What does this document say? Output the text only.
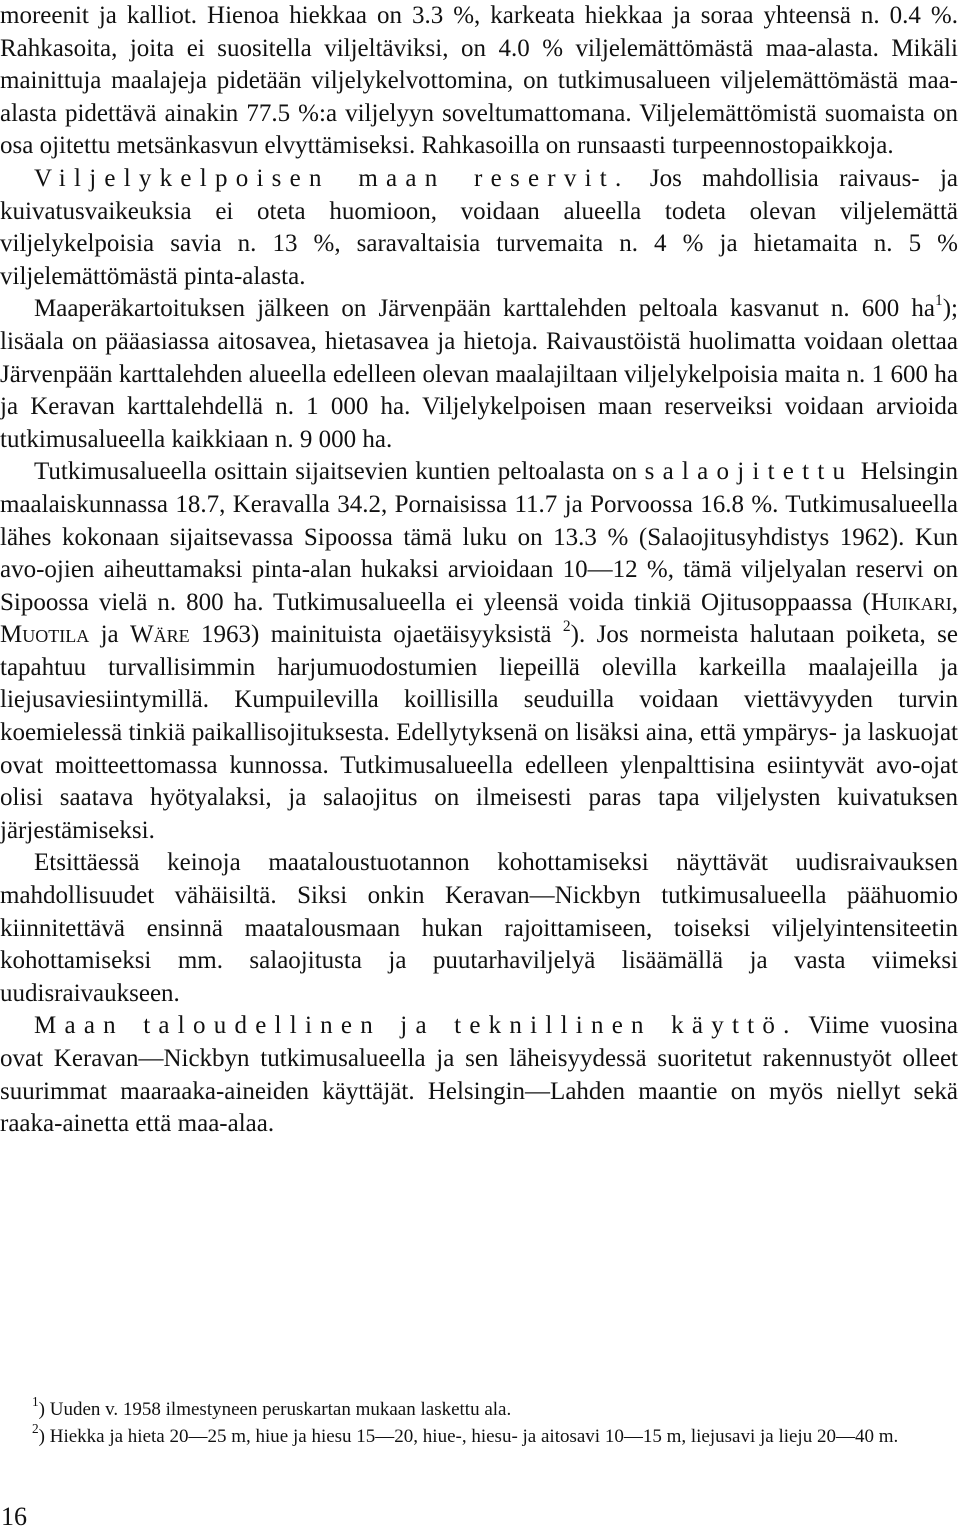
moreenit ja kalliot. Hienoa hiekkaa on 3.3 %, karkeata hiekkaa ja soraa yhteensä n. 0.4 %. Rahkasoita, joita ei suositella viljeltäviksi, on 4.0 % viljelemättömästä maa-alasta. Mikäli mainittuja maalajeja pidetään viljelykelvottomina, on tutkimusalueen viljelemättömästä maa-alasta pidettävä ainakin 77.5 %:a viljelyyn soveltumattomana. Viljelemättömistä suomaista on osa ojitettu metsänkasvun elvyttämiseksi. Rahkasoilla on runsaasti turpeennostopaikkoja.

Viljelykelpoisen maan reservit. Jos mahdollisia raivaus- ja kuivatusvaikeuksia ei oteta huomioon, voidaan alueella todeta olevan viljelemättä viljelykelpoisia savia n. 13 %, saravaltaisia turvemaita n. 4 % ja hietamaita n. 5 % viljelemättömästä pinta-alasta.

Maaperäkartoituksen jälkeen on Järvenpään karttalehden peltoala kasvanut n. 600 $ha^1$); lisäala on pääasiassa aitosavea, hietasavea ja hietoja. Raivaustöistä huolimatta voidaan olettaa Järvenpään karttalehden alueella edelleen olevan maalajiltaan viljelykelpoisia maita n. 1 600 ha ja Keravan karttalehdellä n. 1 000 ha. Viljelykelpoisen maan reserveiksi voidaan arvioida tutkimusalueella kaikkiaan n. 9 000 ha.

Tutkimusalueella osittain sijaitsevien kuntien peltoalasta on salaojitettu Helsingin maalaiskunnassa 18.7, Keravalla 34.2, Pornaisissa 11.7 ja Porvoossa 16.8 %. Tutkimusalueella lähes kokonaan sijaitsevassa Sipoossa tämä luku on 13.3 % (Salaojitusyhdistys 1962). Kun avo-ojien aiheuttamaksi pinta-alan hukaksi arvioidaan 10—12 %, tämä viljelyalan reservi on Sipoossa vielä n. 800 ha. Tutkimusalueella ei yleensä voida tinkiä Ojitusoppaassa (Huikari, Muotila ja Wäre 1963) mainituista ojaetäisyyksistä $^2$). Jos normeista halutaan poiketa, se tapahtuu turvallisimmin harjumuodostumien liepeillä olevilla karkeilla maalajeilla ja liejusaviesiintymillä. Kumpuilevilla koillisilla seuduilla voidaan viettävyyden turvin koemielessä tinkiä paikallisojituksesta. Edellytyksenä on lisäksi aina, että ympärys- ja laskuojat ovat moitteettomassa kunnossa. Tutkimusalueella edelleen ylenpalttisina esiintyvät avo-ojat olisi saatava hyötyalaksi, ja salaojitus on ilmeisesti paras tapa viljelysten kuivatuksen järjestämiseksi.

Etsittäessä keinoja maataloustuotannon kohottamiseksi näyttävät uudisraivauksen mahdollisuudet vähäisiltä. Siksi onkin Keravan—Nickbyn tutkimusalueella päähuomio kiinnitettävä ensinnä maatalousmaan hukan rajoittamiseen, toiseksi viljelyintensiteetin kohottamiseksi mm. salaojitusta ja puutarhaviljelyä lisäämällä ja vasta viimeksi uudisraivaukseen.

Maan taloudellinen ja teknillinen käyttö. Viime vuosina ovat Keravan—Nickbyn tutkimusalueella ja sen läheisyydessä suoritetut rakennustyöt olleet suurimmat maaraaka-aineiden käyttäjät. Helsingin—Lahden maantie on myös niellyt sekä raaka-ainetta että maa-alaa.

$^1$) Uuden v. 1958 ilmestyneen peruskartan mukaan laskettu ala.

$^2$) Hiekka ja hieta 20—25 m, hiue ja hiesu 15—20, hiue-, hiesu- ja aitosavi 10—15 m, liejusavi ja lieju 20—40 m.

16
